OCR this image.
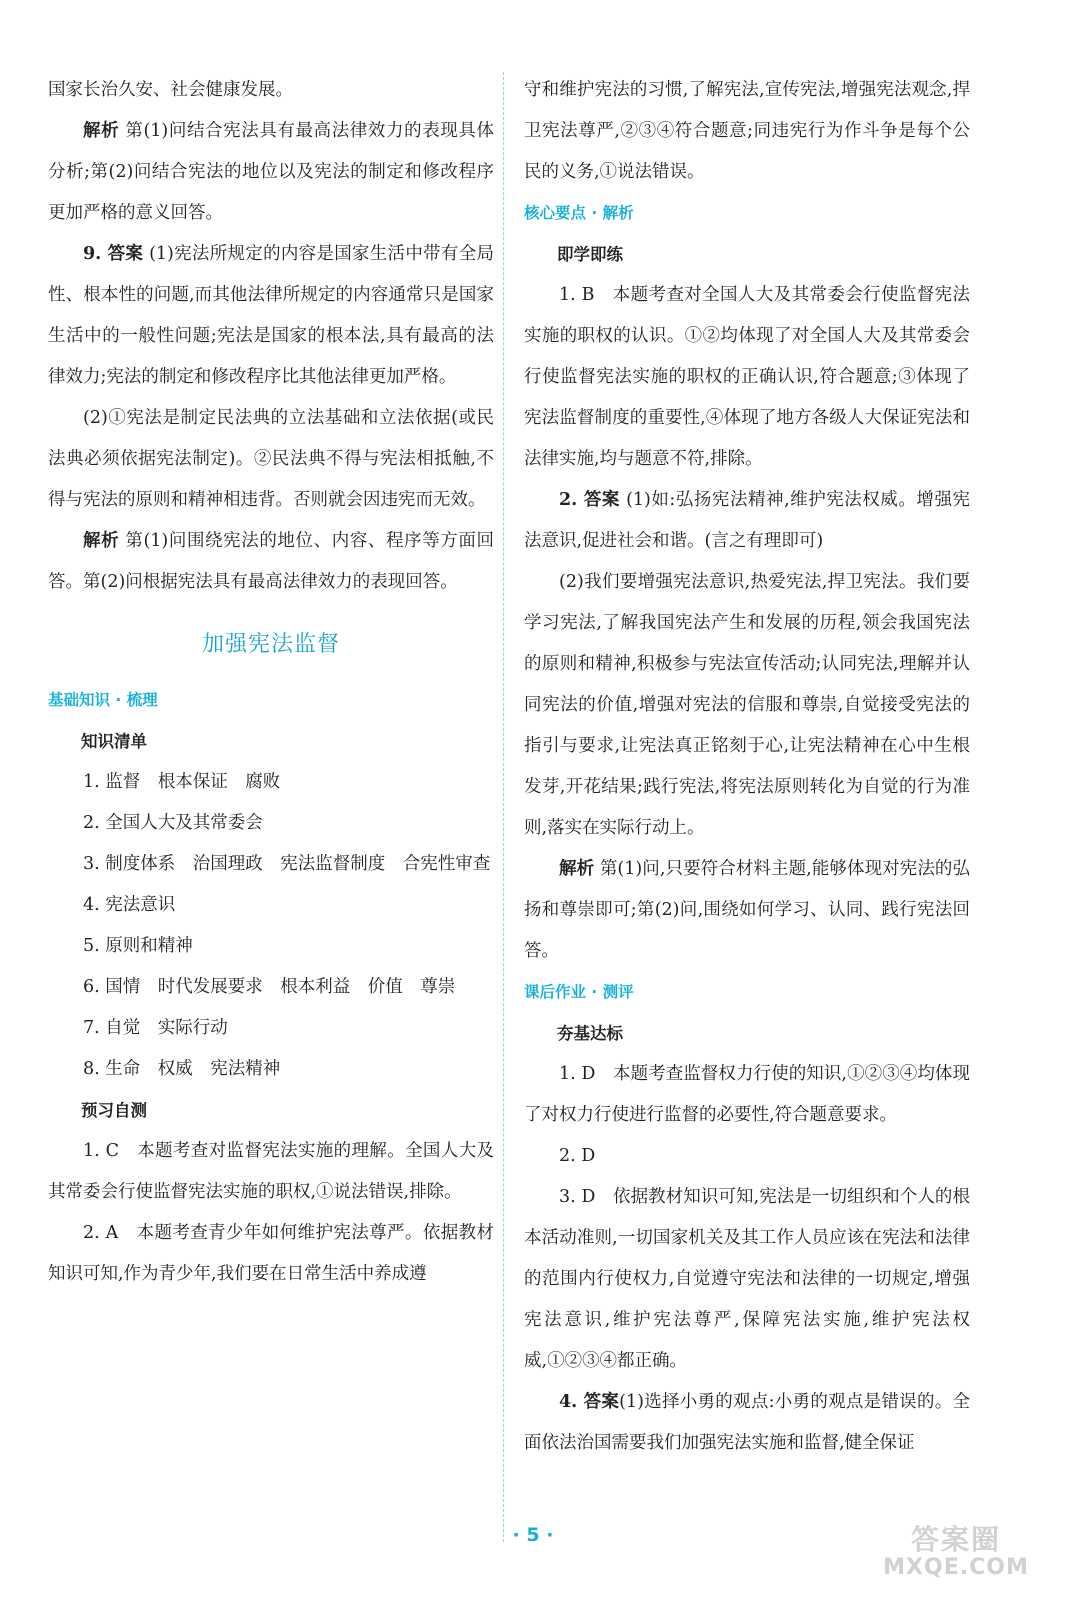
国家长治久安、社会健康发展。

解析 第(1)问结合宪法具有最高法律效力的表现具体分析;第(2)问结合宪法的地位以及宪法的制定和修改程序更加严格的意义回答。

9. 答案 (1)宪法所规定的内容是国家生活中带有全局性、根本性的问题,而其他法律所规定的内容通常只是国家生活中的一般性问题;宪法是国家的根本法,具有最高的法律效力;宪法的制定和修改程序比其他法律更加严格。

(2)①宪法是制定民法典的立法基础和立法依据(或民法典必须依据宪法制定)。②民法典不得与宪法相抵触,不得与宪法的原则和精神相违背。否则就会因违宪而无效。

解析 第(1)问围绕宪法的地位、内容、程序等方面回答。第(2)问根据宪法具有最高法律效力的表现回答。

加强宪法监督

基础知识 · 梳理

知识清单

1. 监督　根本保证　腐败

2. 全国人大及其常委会

3. 制度体系　治国理政　宪法监督制度　合宪性审查

4. 宪法意识

5. 原则和精神

6. 国情　时代发展要求　根本利益　价值　尊崇

7. 自觉　实际行动

8. 生命　权威　宪法精神

预习自测

1. C　本题考查对监督宪法实施的理解。全国人大及其常委会行使监督宪法实施的职权,①说法错误,排除。

2. A　本题考查青少年如何维护宪法尊严。依据教材知识可知,作为青少年,我们要在日常生活中养成遵

守和维护宪法的习惯,了解宪法,宣传宪法,增强宪法观念,捍卫宪法尊严,②③④符合题意;同违宪行为作斗争是每个公民的义务,①说法错误。

核心要点 · 解析

即学即练

1. B　本题考查对全国人大及其常委会行使监督宪法实施的职权的认识。①②均体现了对全国人大及其常委会行使监督宪法实施的职权的正确认识,符合题意;③体现了宪法监督制度的重要性,④体现了地方各级人大保证宪法和法律实施,均与题意不符,排除。

2. 答案 (1)如:弘扬宪法精神,维护宪法权威。增强宪法意识,促进社会和谐。(言之有理即可)

(2)我们要增强宪法意识,热爱宪法,捍卫宪法。我们要学习宪法,了解我国宪法产生和发展的历程,领会我国宪法的原则和精神,积极参与宪法宣传活动;认同宪法,理解并认同宪法的价值,增强对宪法的信服和尊崇,自觉接受宪法的指引与要求,让宪法真正铭刻于心,让宪法精神在心中生根发芽,开花结果;践行宪法,将宪法原则转化为自觉的行为准则,落实在实际行动上。

解析 第(1)问,只要符合材料主题,能够体现对宪法的弘扬和尊崇即可;第(2)问,围绕如何学习、认同、践行宪法回答。

课后作业 · 测评

夯基达标

1. D　本题考查监督权力行使的知识,①②③④均体现了对权力行使进行监督的必要性,符合题意要求。

2. D

3. D　依据教材知识可知,宪法是一切组织和个人的根本活动准则,一切国家机关及其工作人员应该在宪法和法律的范围内行使权力,自觉遵守宪法和法律的一切规定,增强宪法意识,维护宪法尊严,保障宪法实施,维护宪法权威,①②③④都正确。

4. 答案(1)选择小勇的观点:小勇的观点是错误的。全面依法治国需要我们加强宪法实施和监督,健全保证

· 5 ·	答案圈
MXQE.COM
